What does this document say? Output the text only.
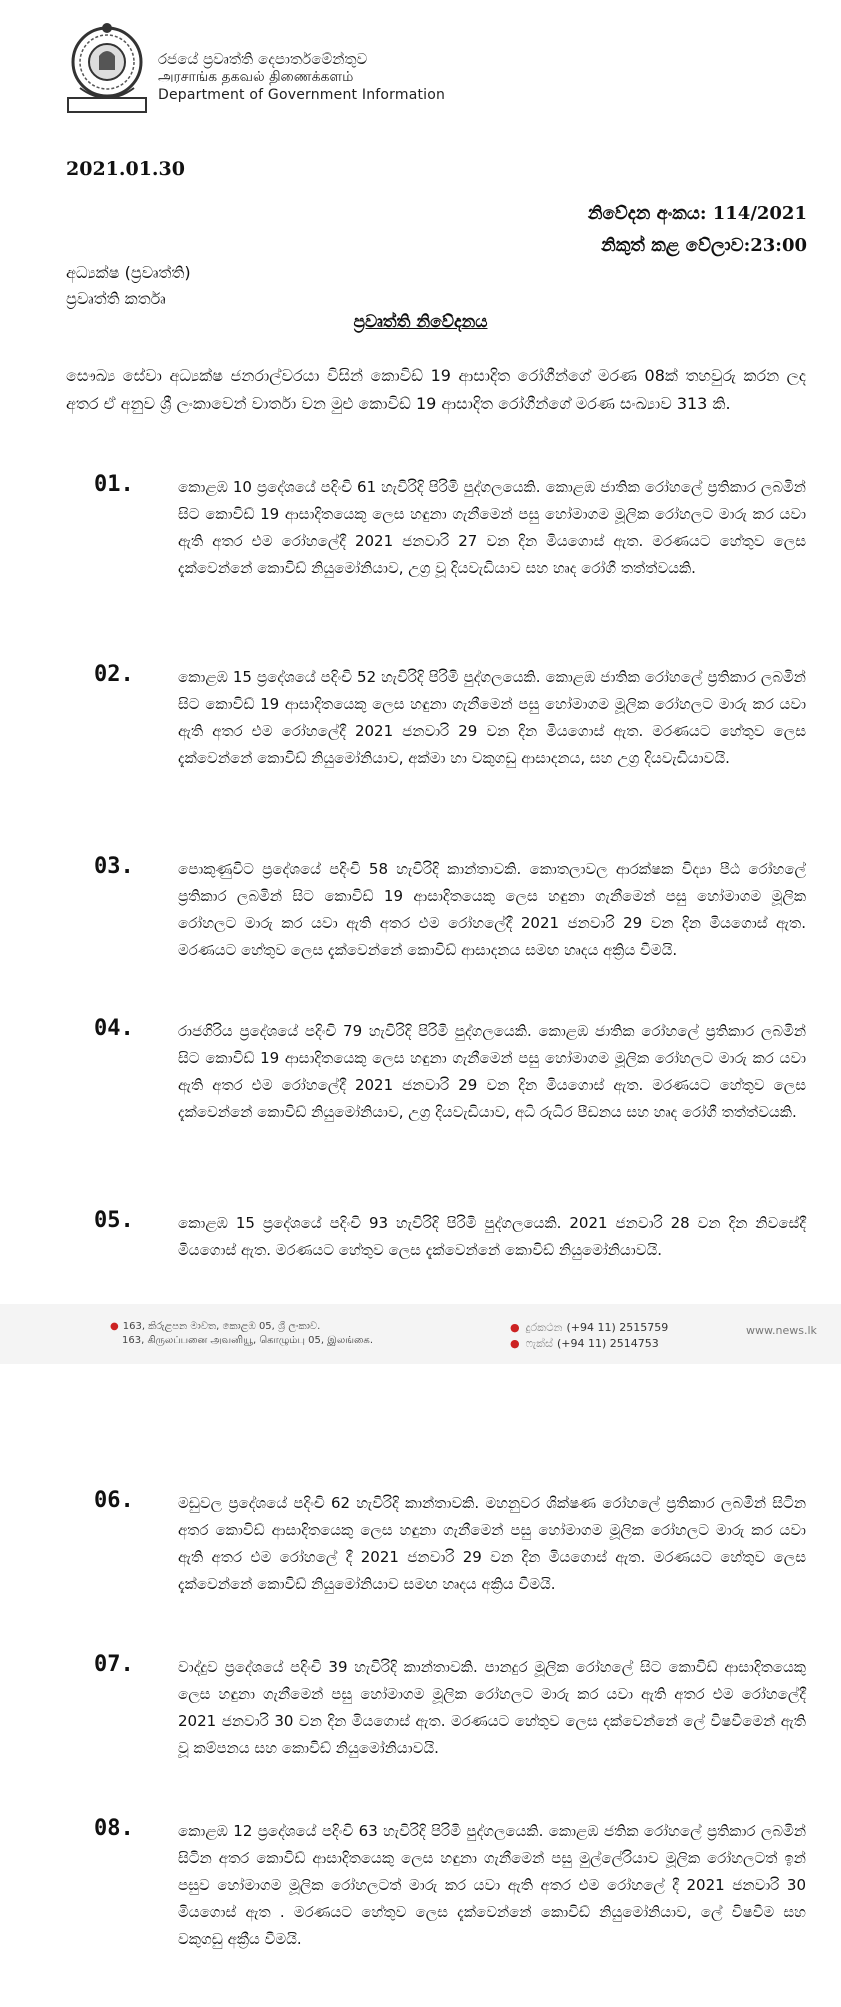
රජයේ ප්‍රවෘත්ති දෙපාර්තමේන්තුව
அரசாங்க தகவல் திணைக்களம்
Department of Government Information
2021.01.30
නිවේදන අංකය: 114/2021
නිකුත් කළ වේලාව:23:00
අධ්‍යක්ෂ (ප්‍රවෘත්ති)
ප්‍රවෘත්ති කර්තෘ
ප්‍රවෘත්ති නිවේදනය
සෞඛ්‍ය සේවා අධ්‍යක්ෂ ජනරාල්වරයා විසින් කොවිඩ් 19 ආසාදිත රෝගීන්ගේ මරණ 08ක් තහවුරු කරන ලද අතර ඒ අනුව ශ්‍රී ලංකාවෙන් වාර්තා වන මුළු කොවිඩ් 19 ආසාදිත රෝගීන්ගේ මරණ සංඛ්‍යාව 313 කි.
01.	කොළඹ 10 ප්‍රදේශයේ පදිංචි 61 හැවිරිදි පිරිමි පුද්ගලයෙකි. කොළඹ ජාතික රෝහලේ ප්‍රතිකාර ලබමින් සිට කොවිඩ් 19 ආසාදිතයෙකු ලෙස හඳුනා ගැනීමෙන් පසු හෝමාගම මූලික රෝහලට මාරු කර යවා ඇති අතර එම රෝහලේදී 2021 ජනවාරි 27 වන දින මියගොස් ඇත. මරණයට හේතුව ලෙස දැක්වෙන්නේ කොවිඩ් නියුමෝනියාව, උග්‍ර වූ දියවැඩියාව සහ හෘද රෝගී තත්ත්වයකි.
02.	කොළඹ 15 ප්‍රදේශයේ පදිංචි 52 හැවිරිදි පිරිමි පුද්ගලයෙකි. කොළඹ ජාතික රෝහලේ ප්‍රතිකාර ලබමින් සිට කොවිඩ් 19 ආසාදිතයෙකු ලෙස හඳුනා ගැනීමෙන් පසු හෝමාගම මූලික රෝහලට මාරු කර යවා ඇති අතර එම රෝහලේදී 2021 ජනවාරි 29 වන දින මියගොස් ඇත. මරණයට හේතුව ලෙස දැක්වෙන්නේ කොවිඩ් නියුමෝනියාව, අක්මා හා වකුගඩු ආසාදනය, සහ උග්‍ර දියවැඩියාවයි.
03.	පොකුණුවිට ප්‍රදේශයේ පදිංචි 58 හැවිරිදි කාන්තාවකි. කොතලාවල ආරක්ෂක විද්‍යා පීඨ රෝහලේ ප්‍රතිකාර ලබමින් සිට කොවිඩ් 19 ආසාදිතයෙකු ලෙස හඳුනා ගැනීමෙන් පසු හෝමාගම මූලික රෝහලට මාරු කර යවා ඇති අතර එම රෝහලේදී 2021 ජනවාරි 29 වන දින මියගොස් ඇත. මරණයට හේතුව ලෙස දැක්වෙන්නේ කොවිඩ් ආසාදනය සමඟ හෘදය අක්‍රිය වීමයි.
04.	රාජගිරිය ප්‍රදේශයේ පදිංචි 79 හැවිරිදි පිරිමි පුද්ගලයෙකි. කොළඹ ජාතික රෝහලේ ප්‍රතිකාර ලබමින් සිට කොවිඩ් 19 ආසාදිතයෙකු ලෙස හඳුනා ගැනීමෙන් පසු හෝමාගම මූලික රෝහලට මාරු කර යවා ඇති අතර එම රෝහලේදී 2021 ජනවාරි 29 වන දින මියගොස් ඇත. මරණයට හේතුව ලෙස දැක්වෙන්නේ කොවිඩ් නියුමෝනියාව, උග්‍ර දියවැඩියාව, අධි රුධිර පීඩනය සහ හෘද රෝගී තත්ත්වයකි.
05.	කොළඹ 15 ප්‍රදේශයේ පදිංචි 93 හැවිරිදි පිරිමි පුද්ගලයෙකි. 2021 ජනවාරි 28 වන දින නිවසේදී මියගොස් ඇත. මරණයට හේතුව ලෙස දැක්වෙන්නේ කොවිඩ් නියුමෝනියාවයි.
● 163, කිරුළපන මාවත, කොළඹ 05, ශ්‍රී ලංකාව.
163, கிருலப்பனை அவனியூ, கொழும்பு 05, இலங்கை.
● දුරකථන (+94 11) 2515759
● ෆැක්ස් (+94 11) 2514753
www.news.lk
06.	මඩුවල ප්‍රදේශයේ පදිංචි 62 හැවිරිදි කාන්තාවකි. මහනුවර ශික්ෂණ රෝහලේ ප්‍රතිකාර ලබමින් සිටින අතර කොවිඩ් ආසාදිතයෙකු ලෙස හඳුනා ගැනීමෙන් පසු හෝමාගම මූලික රෝහලට මාරු කර යවා ඇති අතර එම රෝහලේ දී 2021 ජනවාරි 29 වන දින මියගොස් ඇත. මරණයට හේතුව ලෙස දැක්වෙන්නේ කොවිඩ් නියුමෝනියාව සමඟ හෘදය අක්‍රිය වීමයි.
07.	වාද්දුව ප්‍රදේශයේ පදිංචි 39 හැවිරිදි කාන්තාවකි. පානදුර මූලික රෝහලේ සිට කොවිඩ් ආසාදිතයෙකු ලෙස හඳුනා ගැනීමෙන් පසු හෝමාගම මූලික රෝහලට මාරු කර යවා ඇති අතර එම රෝහලේදී 2021 ජනවාරි 30 වන දින මියගොස් ඇත. මරණයට හේතුව ලෙස දක්වෙන්නේ ලේ විෂවීමෙන් ඇති වූ කම්පනය සහ කොවිඩ් නියුමෝනියාවයි.
08.	කොළඹ 12 ප්‍රදේශයේ පදිංචි 63 හැවිරිදි පිරිමි පුද්ගලයෙකි. කොළඹ ජතික රෝහලේ ප්‍රතිකාර ලබමින් සිටින අතර කොවිඩ් ආසාදිතයෙකු ලෙස හඳුනා ගැනීමෙන් පසු මුල්ලේරියාව මූලික රෝහලටත් ඉන් පසුව හෝමාගම මූලික රෝහලටත් මාරු කර යවා ඇති අතර එම රෝහලේ දී 2021 ජනවාරි 30 මියගොස් ඇත . මරණයට හේතුව ලෙස දැක්වෙන්නේ කොවිඩ් නියුමෝනියාව, ලේ විෂවීම සහ වකුගඩු අක්‍රීය වීමයි.
